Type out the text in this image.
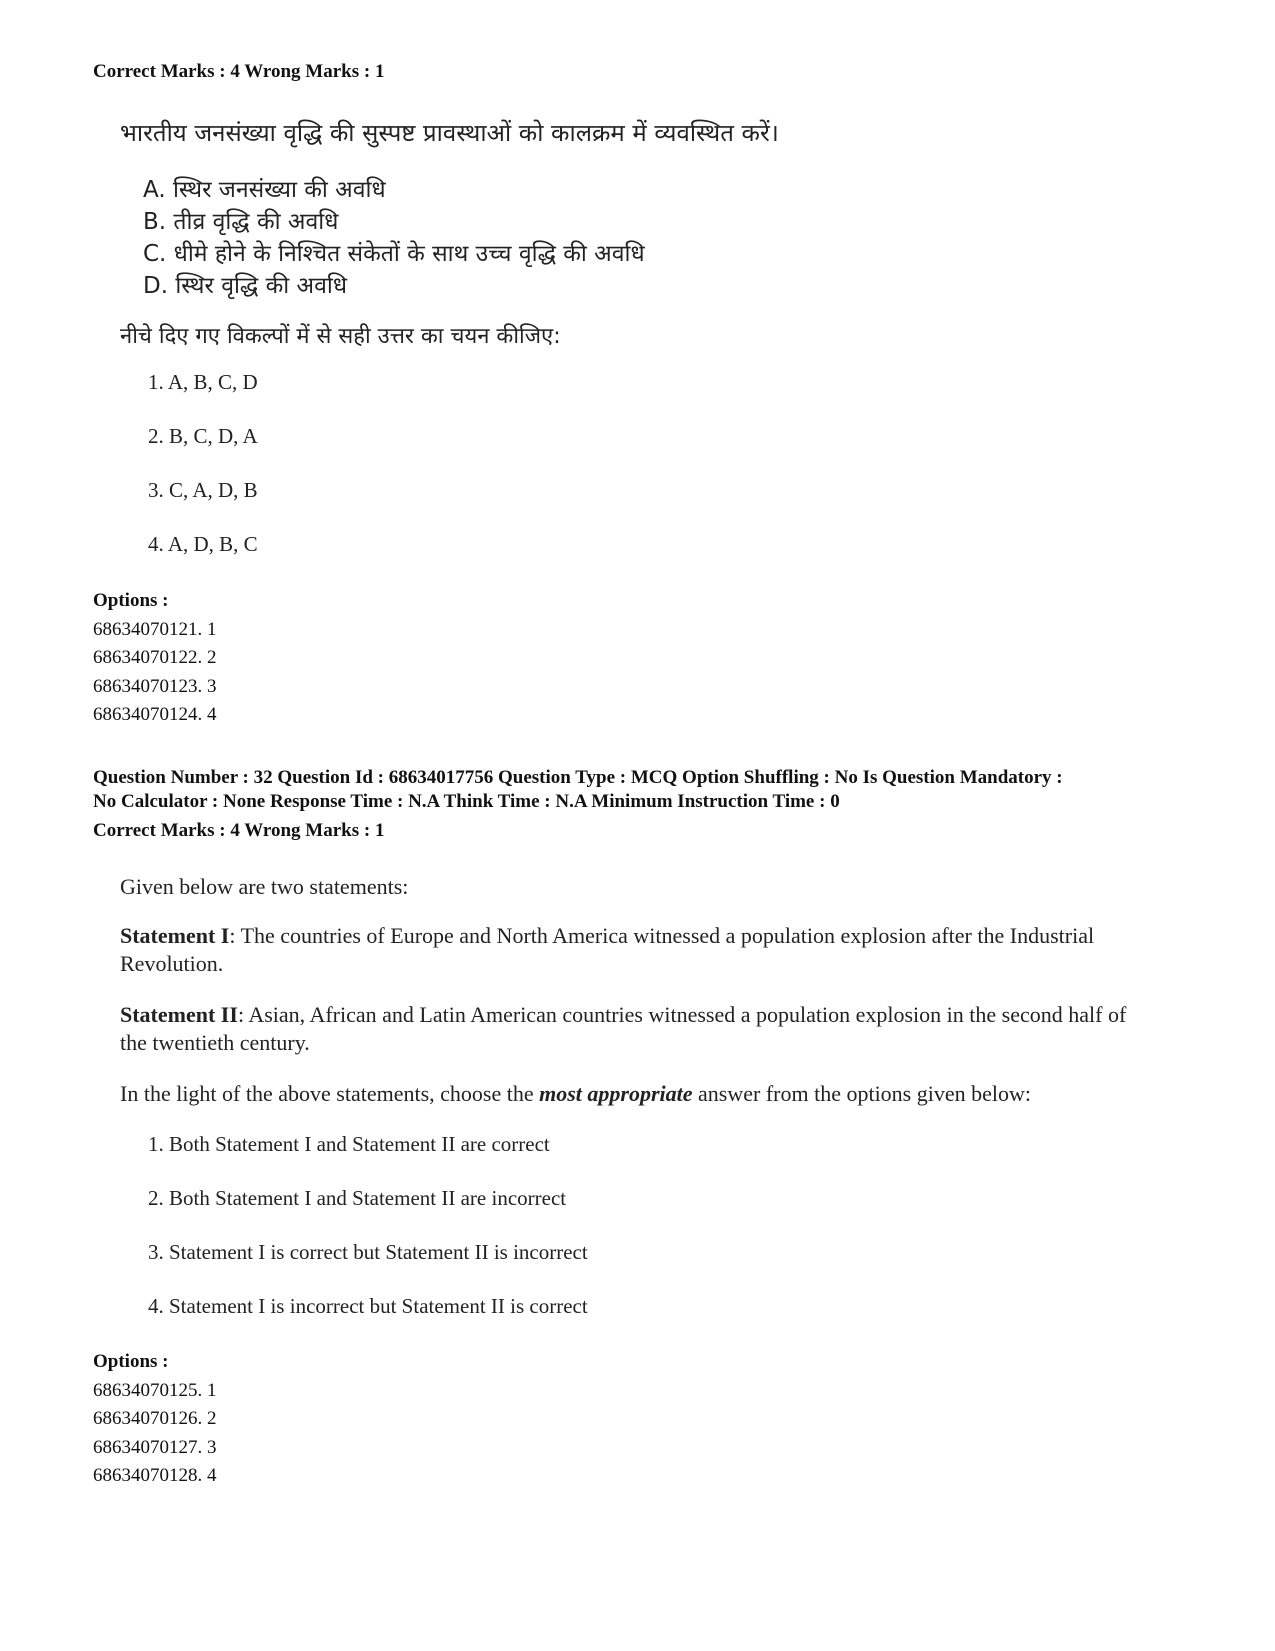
Correct Marks : 4 Wrong Marks : 1
भारतीय जनसंख्या वृद्धि की सुस्पष्ट प्रावस्थाओं को कालक्रम में व्यवस्थित करें।
A. स्थिर जनसंख्या की अवधि
B. तीव्र वृद्धि की अवधि
C. धीमे होने के निश्चित संकेतों के साथ उच्च वृद्धि की अवधि
D. स्थिर वृद्धि की अवधि
नीचे दिए गए विकल्पों में से सही उत्तर का चयन कीजिए:
1. A, B, C, D
2. B, C, D, A
3. C, A, D, B
4. A, D, B, C
Options :
68634070121. 1
68634070122. 2
68634070123. 3
68634070124. 4
Question Number : 32 Question Id : 68634017756 Question Type : MCQ Option Shuffling : No Is Question Mandatory :
No Calculator : None Response Time : N.A Think Time : N.A Minimum Instruction Time : 0
Correct Marks : 4 Wrong Marks : 1
Given below are two statements:
Statement I: The countries of Europe and North America witnessed a population explosion after the Industrial Revolution.
Statement II: Asian, African and Latin American countries witnessed a population explosion in the second half of the twentieth century.
In the light of the above statements, choose the most appropriate answer from the options given below:
1. Both Statement I and Statement II are correct
2. Both Statement I and Statement II are incorrect
3. Statement I is correct but Statement II is incorrect
4. Statement I is incorrect but Statement II is correct
Options :
68634070125. 1
68634070126. 2
68634070127. 3
68634070128. 4
